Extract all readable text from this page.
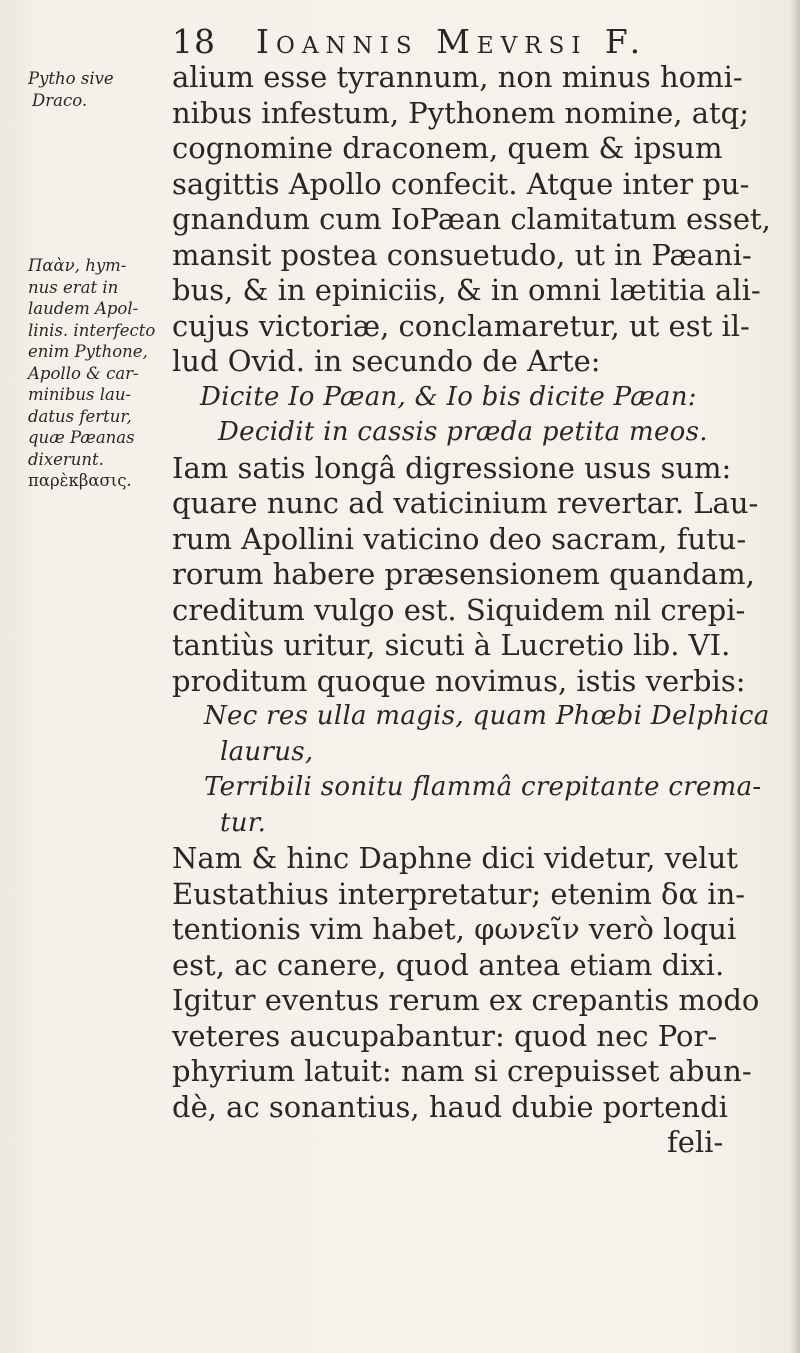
18 Ioannis Mevrsi F.
Pytho sive
Draco.
Παὰν, hym-
nus erat in
laudem Apol-
linis. interfecto
enim Pythone,
Apollo & car-
minibus lau-
datus fertur,
quæ Pæanas
dixerunt.
παρὲκβασις.
alium esse tyrannum, non minus homi-
nibus infestum, Pythonem nomine, atq;
cognomine draconem, quem & ipsum
sagittis Apollo confecit. Atque inter pu-
gnandum cum IoPæan clamitatum esset,
mansit postea consuetudo, ut in Pæani-
bus, & in epiniciis, & in omni lætitia ali-
cujus victoriæ, conclamaretur, ut est il-
lud Ovid. in secundo de Arte:
Dicite Io Pæan, & Io bis dicite Pæan:
Decidit in cassis præda petita meos.
Iam satis longâ digressione usus sum:
quare nunc ad vaticinium revertar. Lau-
rum Apollini vaticino deo sacram, futu-
rorum habere præsensionem quandam,
creditum vulgo est. Siquidem nil crepi-
tantiùs uritur, sicuti à Lucretio lib. VI.
proditum quoque novimus, istis verbis:
Nec res ulla magis, quam Phœbi Delphica
laurus,
Terribili sonitu flammâ crepitante crema-
tur.
Nam & hinc Daphne dici videtur, velut
Eustathius interpretatur; etenim δα in-
tentionis vim habet, φωνεῖν verò loqui
est, ac canere, quod antea etiam dixi.
Igitur eventus rerum ex crepantis modo
veteres aucupabantur: quod nec Por-
phyrium latuit: nam si crepuisset abun-
dè, ac sonantius, haud dubie portendi
feli-
